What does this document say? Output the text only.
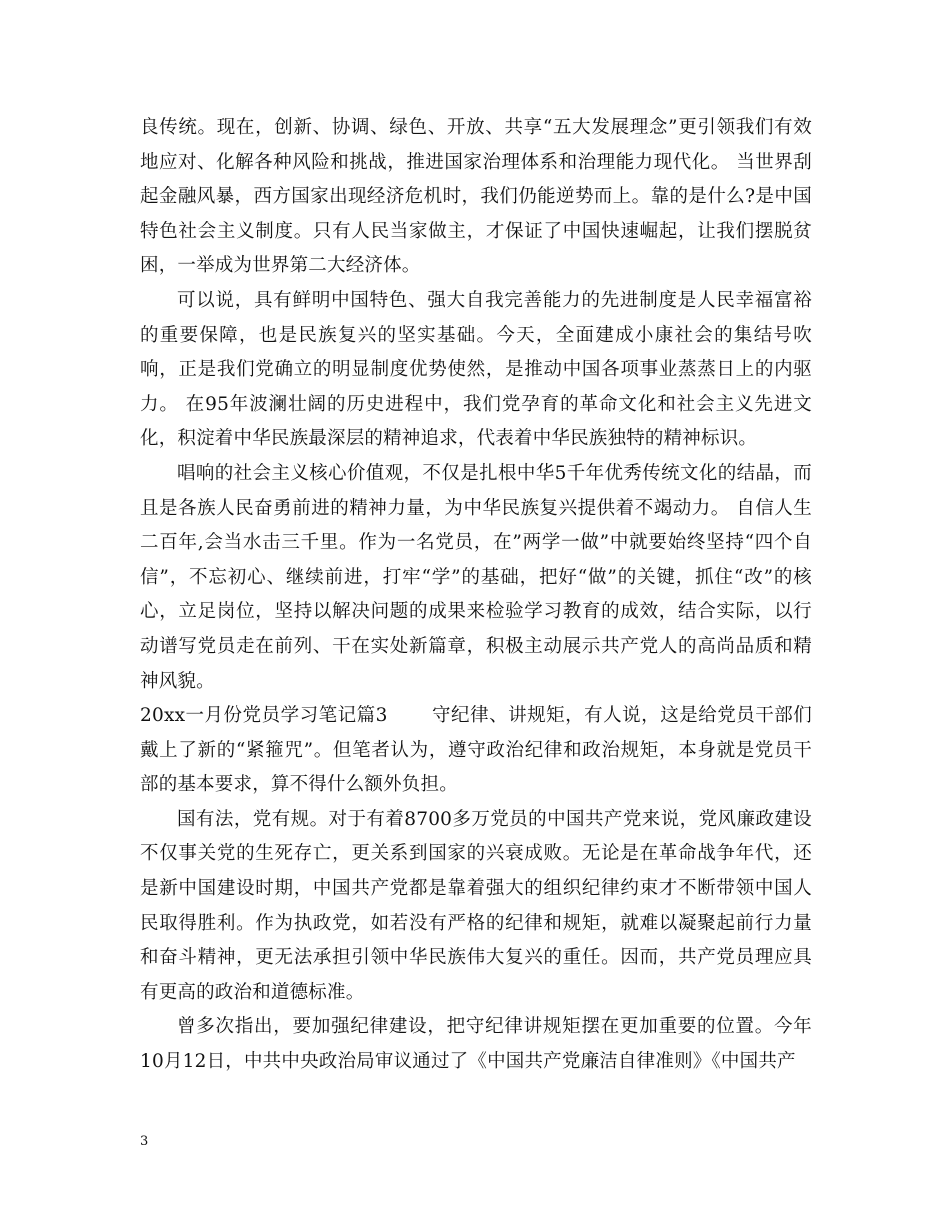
良传统。现在，创新、协调、绿色、开放、共享“五大发展理念”更引领我们有效地应对、化解各种风险和挑战，推进国家治理体系和治理能力现代化。 当世界刮起金融风暴，西方国家出现经济危机时，我们仍能逆势而上。靠的是什么?是中国特色社会主义制度。只有人民当家做主，才保证了中国快速崛起，让我们摆脱贫困，一举成为世界第二大经济体。

可以说，具有鲜明中国特色、强大自我完善能力的先进制度是人民幸福富裕的重要保障，也是民族复兴的坚实基础。今天，全面建成小康社会的集结号吹响，正是我们党确立的明显制度优势使然，是推动中国各项事业蒸蒸日上的内驱力。 在95年波澜壮阔的历史进程中，我们党孕育的革命文化和社会主义先进文化，积淀着中华民族最深层的精神追求，代表着中华民族独特的精神标识。

唱响的社会主义核心价值观，不仅是扎根中华5千年优秀传统文化的结晶，而且是各族人民奋勇前进的精神力量，为中华民族复兴提供着不竭动力。 自信人生二百年,会当水击三千里。作为一名党员，在”两学一做”中就要始终坚持“四个自信”，不忘初心、继续前进，打牢“学”的基础，把好“做”的关键，抓住“改”的核心，立足岗位，坚持以解决问题的成果来检验学习教育的成效，结合实际，以行动谱写党员走在前列、干在实处新篇章，积极主动展示共产党人的高尚品质和精神风貌。

20xx一月份党员学习笔记篇3 　　守纪律、讲规矩，有人说，这是给党员干部们戴上了新的“紧箍咒”。但笔者认为，遵守政治纪律和政治规矩，本身就是党员干部的基本要求，算不得什么额外负担。

国有法，党有规。对于有着8700多万党员的中国共产党来说，党风廉政建设不仅事关党的生死存亡，更关系到国家的兴衰成败。无论是在革命战争年代，还是新中国建设时期，中国共产党都是靠着强大的组织纪律约束才不断带领中国人民取得胜利。作为执政党，如若没有严格的纪律和规矩，就难以凝聚起前行力量和奋斗精神，更无法承担引领中华民族伟大复兴的重任。因而，共产党员理应具有更高的政治和道德标准。

曾多次指出，要加强纪律建设，把守纪律讲规矩摆在更加重要的位置。今年10月12日，中共中央政治局审议通过了《中国共产党廉洁自律准则》《中国共产

3
